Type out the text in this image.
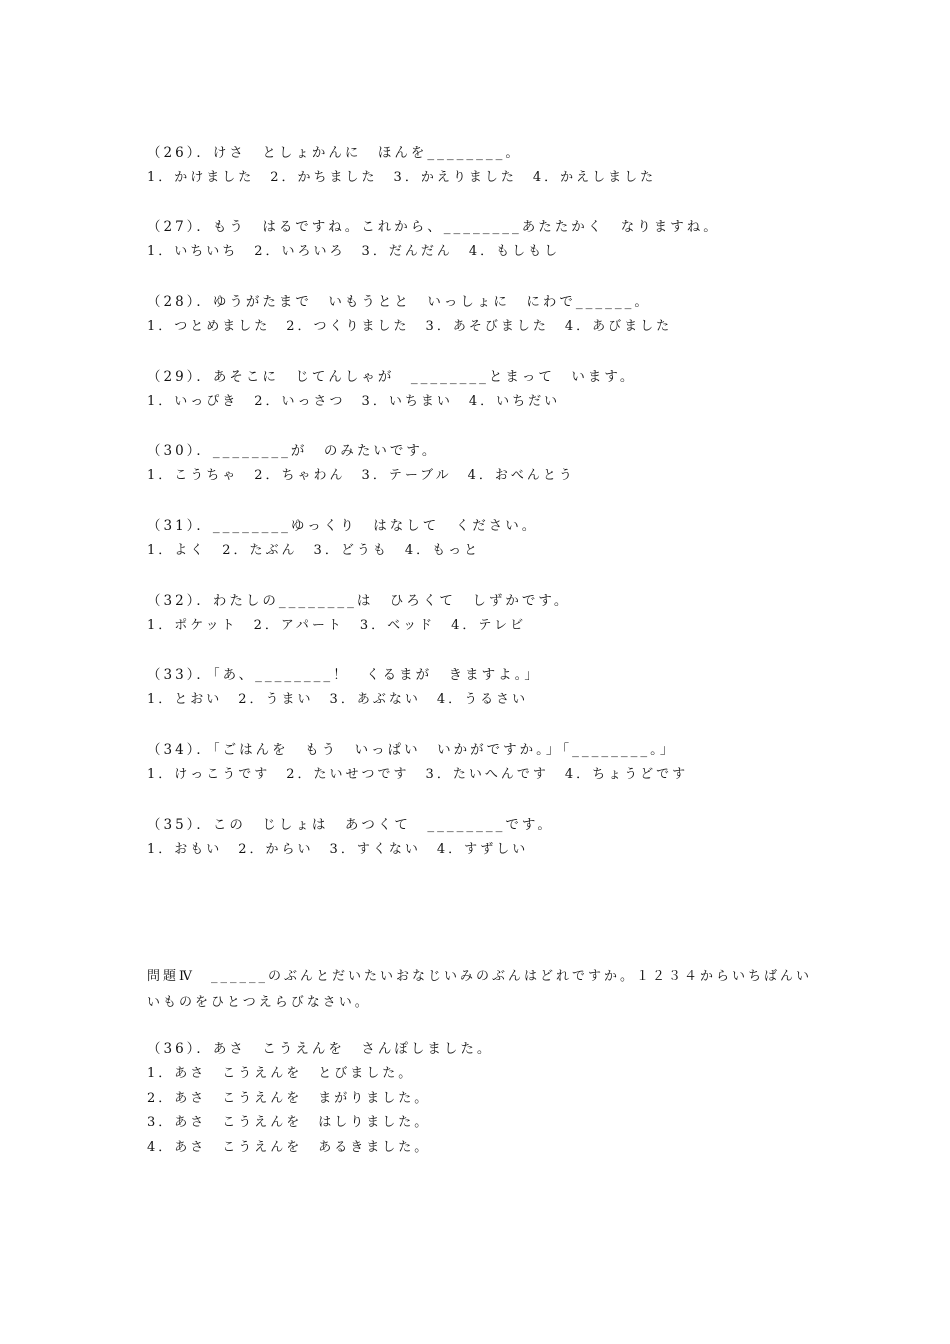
（26）．けさ　としょかんに　ほんを________。
1．かけました　2．かちました　3．かえりました　4．かえしました
（27）．もう　はるですね。これから、________あたたかく　なりますね。
1．いちいち　2．いろいろ　3．だんだん　4．もしもし
（28）．ゆうがたまで　いもうとと　いっしょに　にわで______。
1．つとめました　2．つくりました　3．あそびました　4．あびました
（29）．あそこに　じてんしゃが　________とまって　います。
1．いっぴき　2．いっさつ　3．いちまい　4．いちだい
（30）．________が　のみたいです。
1．こうちゃ　2．ちゃわん　3．テーブル　4．おべんとう
（31）．________ゆっくり　はなして　ください。
1．よく　2．たぶん　3．どうも　4．もっと
（32）．わたしの________は　ひろくて　しずかです。
1．ポケット　2．アパート　3．ベッド　4．テレビ
（33）．「あ、________！　くるまが　きますよ。」
1．とおい　2．うまい　3．あぶない　4．うるさい
（34）．「ごはんを　もう　いっぱい　いかがですか。」「________。」
1．けっこうです　2．たいせつです　3．たいへんです　4．ちょうどです
（35）．この　じしょは　あつくて　________です。
1．おもい　2．からい　3．すくない　4．すずしい
問題Ⅳ　______のぶんとだいたいおなじいみのぶんはどれですか。１２３４からいちばんいいものをひとつえらびなさい。
（36）．あさ　こうえんを　さんぽしました。
1．あさ　こうえんを　とびました。
2．あさ　こうえんを　まがりました。
3．あさ　こうえんを　はしりました。
4．あさ　こうえんを　あるきました。
